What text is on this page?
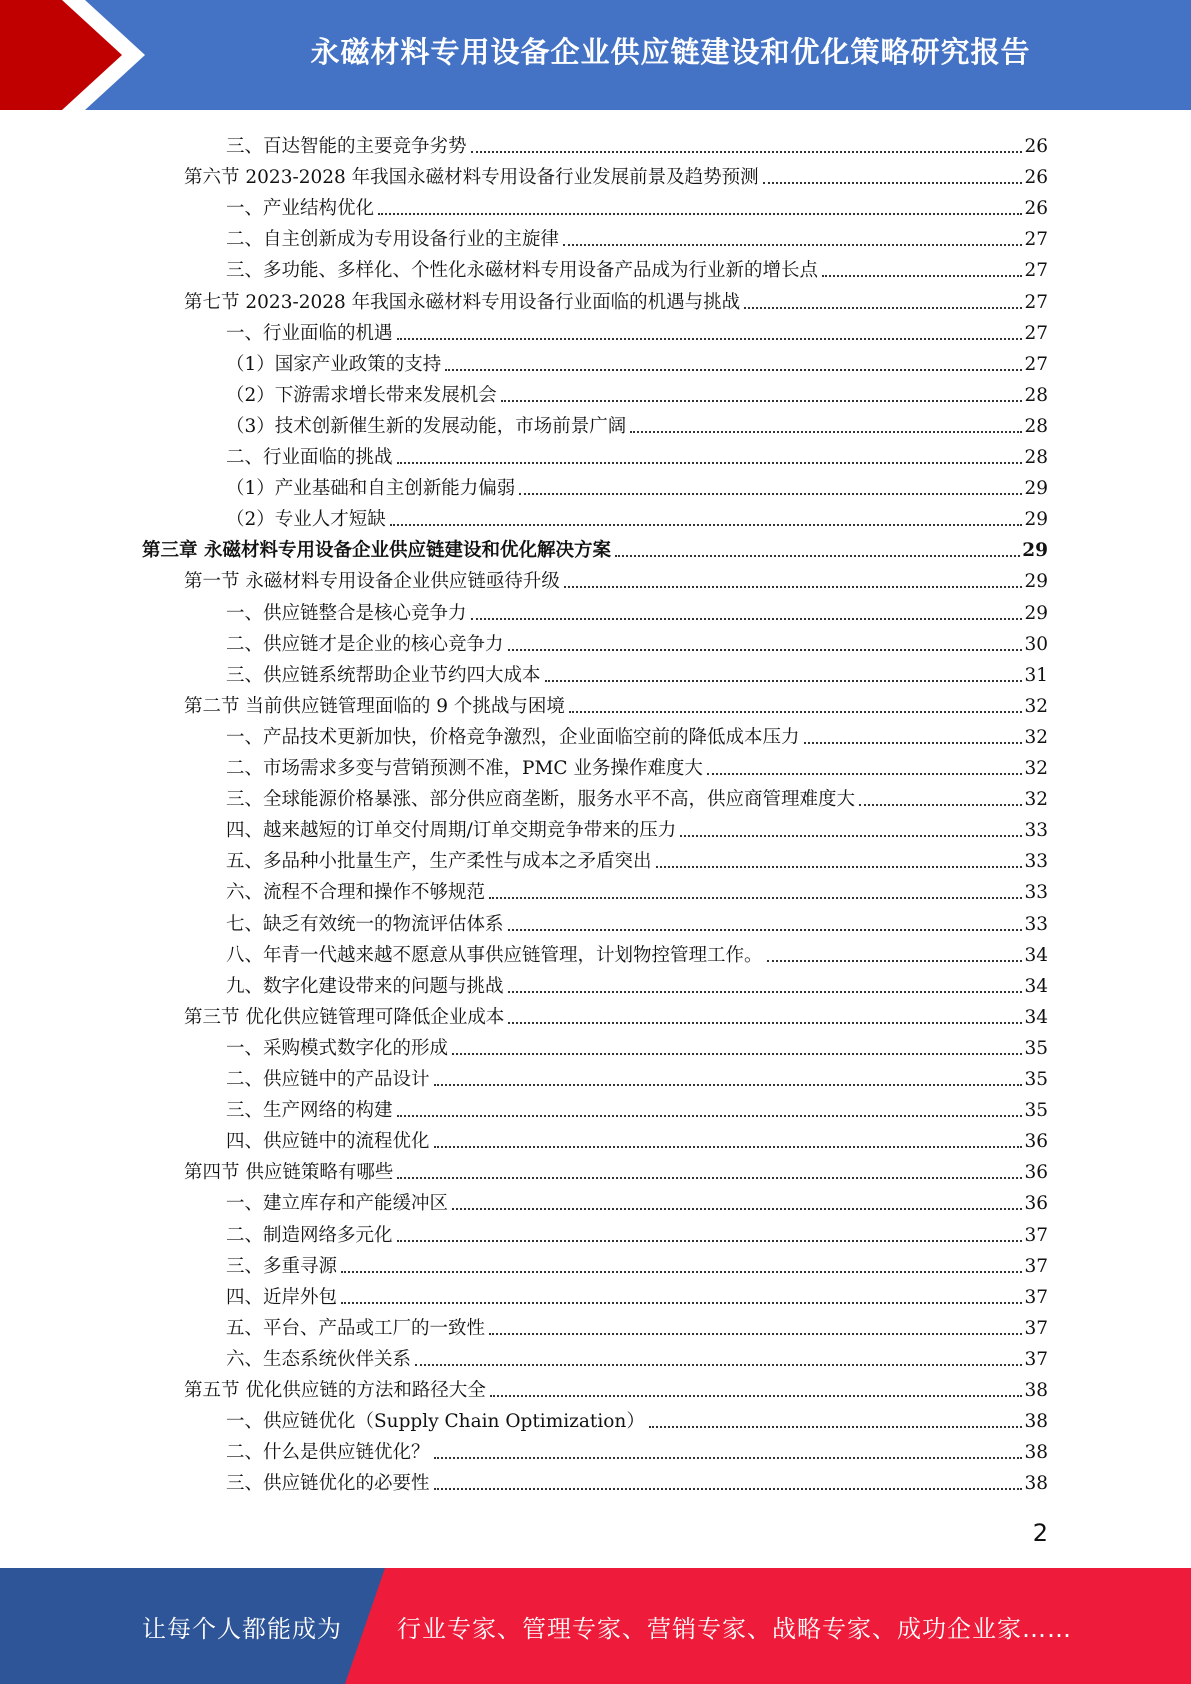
永磁材料专用设备企业供应链建设和优化策略研究报告
三、百达智能的主要竞争劣势	26
第六节 2023-2028 年我国永磁材料专用设备行业发展前景及趋势预测	26
一、产业结构优化	26
二、自主创新成为专用设备行业的主旋律	27
三、多功能、多样化、个性化永磁材料专用设备产品成为行业新的增长点	27
第七节 2023-2028 年我国永磁材料专用设备行业面临的机遇与挑战	27
一、行业面临的机遇	27
（1）国家产业政策的支持	27
（2）下游需求增长带来发展机会	28
（3）技术创新催生新的发展动能，市场前景广阔	28
二、行业面临的挑战	28
（1）产业基础和自主创新能力偏弱	29
（2）专业人才短缺	29
第三章 永磁材料专用设备企业供应链建设和优化解决方案	29
第一节 永磁材料专用设备企业供应链亟待升级	29
一、供应链整合是核心竞争力	29
二、供应链才是企业的核心竞争力	30
三、供应链系统帮助企业节约四大成本	31
第二节 当前供应链管理面临的 9 个挑战与困境	32
一、产品技术更新加快，价格竞争激烈，企业面临空前的降低成本压力	32
二、市场需求多变与营销预测不准，PMC 业务操作难度大	32
三、全球能源价格暴涨、部分供应商垄断，服务水平不高，供应商管理难度大	32
四、越来越短的订单交付周期/订单交期竞争带来的压力	33
五、多品种小批量生产，生产柔性与成本之矛盾突出	33
六、流程不合理和操作不够规范	33
七、缺乏有效统一的物流评估体系	33
八、年青一代越来越不愿意从事供应链管理，计划物控管理工作。	34
九、数字化建设带来的问题与挑战	34
第三节 优化供应链管理可降低企业成本	34
一、采购模式数字化的形成	35
二、供应链中的产品设计	35
三、生产网络的构建	35
四、供应链中的流程优化	36
第四节 供应链策略有哪些	36
一、建立库存和产能缓冲区	36
二、制造网络多元化	37
三、多重寻源	37
四、近岸外包	37
五、平台、产品或工厂的一致性	37
六、生态系统伙伴关系	37
第五节 优化供应链的方法和路径大全	38
一、供应链优化（Supply Chain Optimization）	38
二、什么是供应链优化？	38
三、供应链优化的必要性	38
2
让每个人都能成为 行业专家、管理专家、营销专家、战略专家、成功企业家……
